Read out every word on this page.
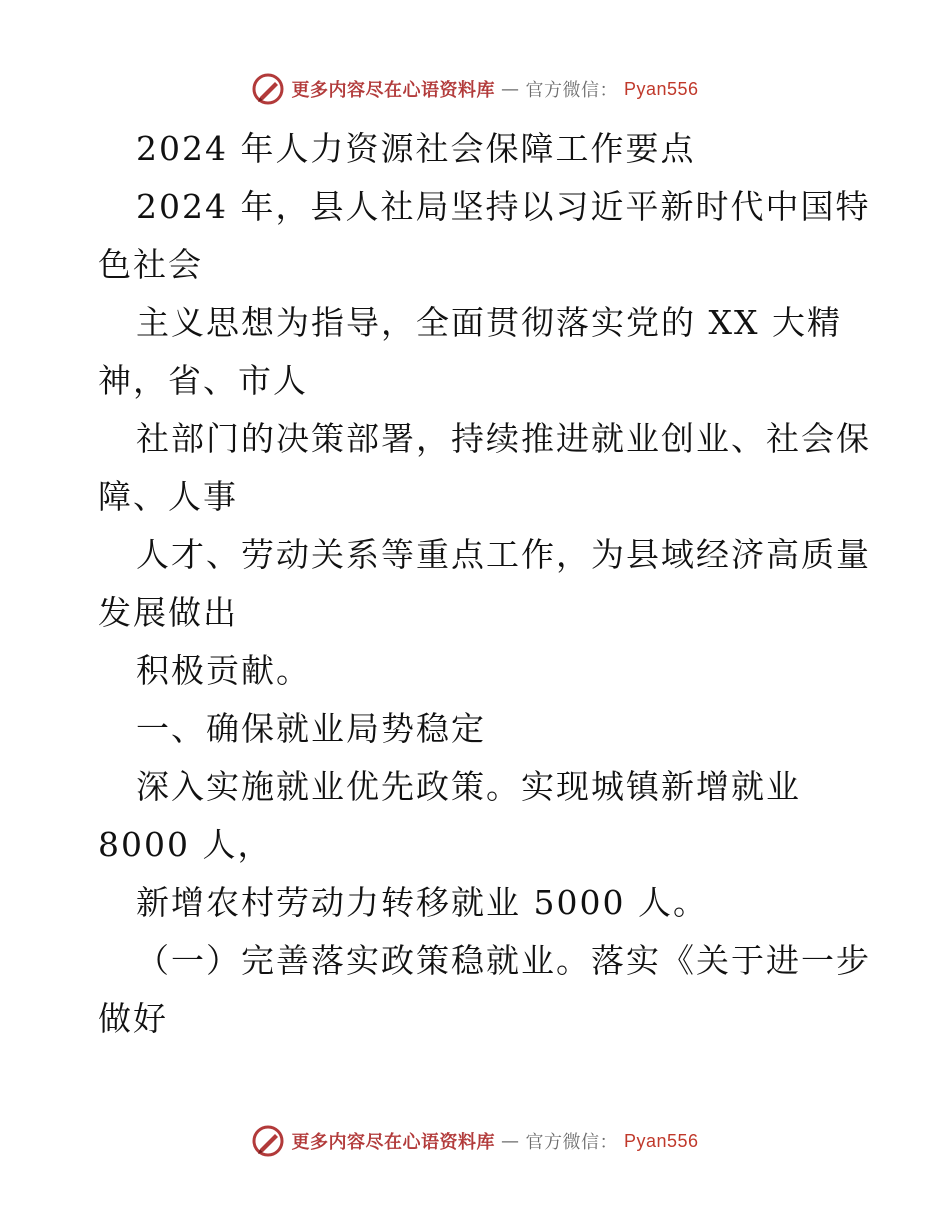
更多内容尽在心语资料库 — 官方微信： Pyan556
2024 年人力资源社会保障工作要点
2024 年，县人社局坚持以习近平新时代中国特
色社会
主义思想为指导，全面贯彻落实党的 XX 大精
神，省、市人
社部门的决策部署，持续推进就业创业、社会保
障、人事
人才、劳动关系等重点工作，为县域经济高质量
发展做出
积极贡献。
一、确保就业局势稳定
深入实施就业优先政策。实现城镇新增就业
8000 人，
新增农村劳动力转移就业 5000 人。
（一）完善落实政策稳就业。落实《关于进一步
做好
更多内容尽在心语资料库 — 官方微信： Pyan556
